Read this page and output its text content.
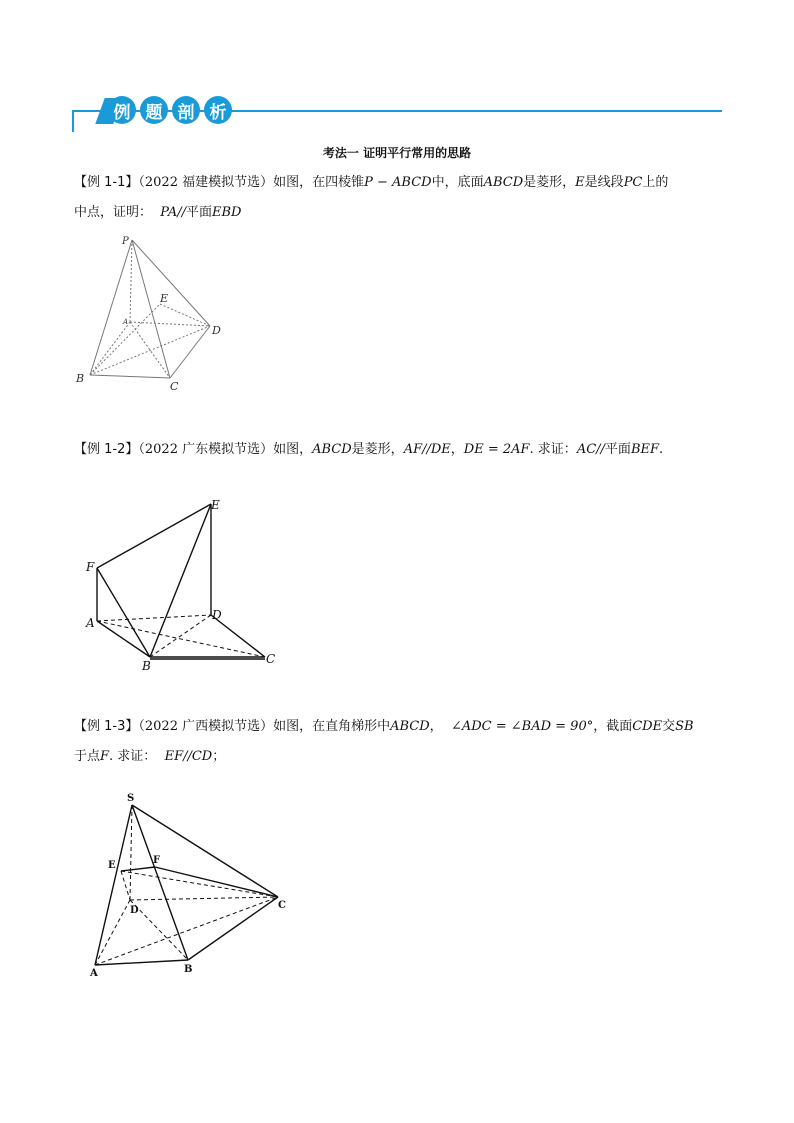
例 题 剖 析
考法一 证明平行常用的思路
【例 1-1】（2022 福建模拟节选）如图，在四棱锥P − ABCD中，底面ABCD是菱形，E是线段PC上的
中点，证明： PA//平面EBD
P
E
A
D
B
C
【例 1-2】（2022 广东模拟节选）如图，ABCD是菱形，AF//DE，DE = 2AF. 求证：AC//平面BEF.
E
F
D
A
B	C
【例 1-3】（2022 广西模拟节选）如图，在直角梯形中ABCD， ∠ADC = ∠BAD = 90°，截面CDE交SB
于点F. 求证： EF//CD；
S
E	F
D	C
A	B
